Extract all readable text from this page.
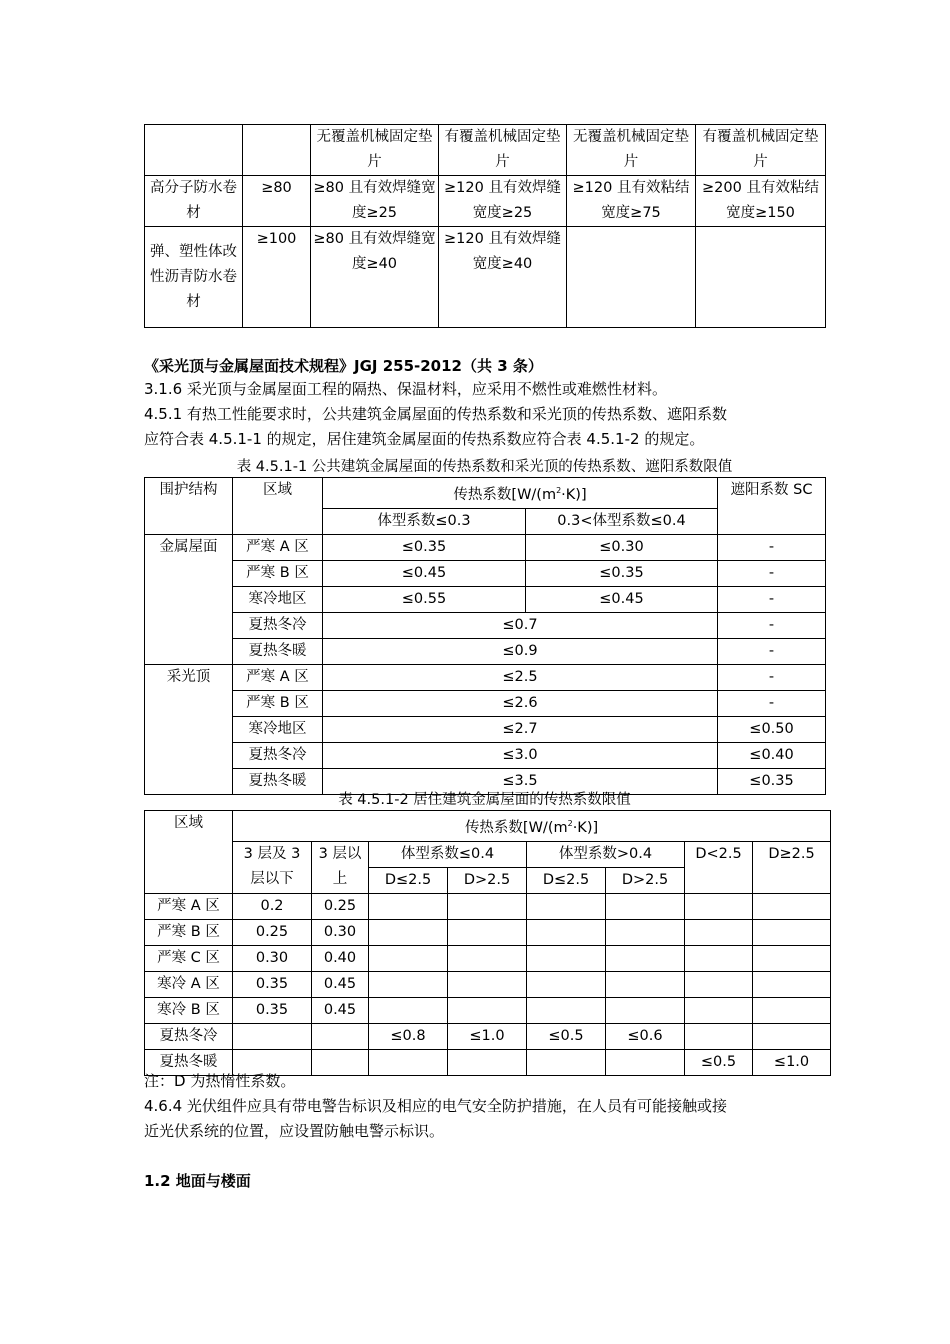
		无覆盖机械固定垫片	有覆盖机械固定垫片	无覆盖机械固定垫片	有覆盖机械固定垫片
高分子防水卷材	≥80	≥80 且有效焊缝宽度≥25	≥120 且有效焊缝宽度≥25	≥120 且有效粘结宽度≥75	≥200 且有效粘结宽度≥150
弹、塑性体改性沥青防水卷材	≥100	≥80 且有效焊缝宽度≥40	≥120 且有效焊缝宽度≥40		
《采光顶与金属屋面技术规程》JGJ 255-2012（共 3 条）
3.1.6 采光顶与金属屋面工程的隔热、保温材料，应采用不燃性或难燃性材料。
4.5.1 有热工性能要求时，公共建筑金属屋面的传热系数和采光顶的传热系数、遮阳系数
应符合表 4.5.1-1 的规定，居住建筑金属屋面的传热系数应符合表 4.5.1-2 的规定。
表 4.5.1-1 公共建筑金属屋面的传热系数和采光顶的传热系数、遮阳系数限值
围护结构	区域	传热系数$[W/(m^2\cdot K)]$		遮阳系数 SC
		体型系数≤0.3	0.3<体型系数≤0.4	
金属屋面	严寒 A 区	≤0.35	≤0.30	-
	严寒 B 区	≤0.45	≤0.35	-
	寒冷地区	≤0.55	≤0.45	-
	夏热冬冷	≤0.7		-
	夏热冬暖	≤0.9		-
采光顶	严寒 A 区	≤2.5		-
	严寒 B 区	≤2.6		-
	寒冷地区	≤2.7		≤0.50
	夏热冬冷	≤3.0		≤0.40
	夏热冬暖	≤3.5		≤0.35
表 4.5.1-2 居住建筑金属屋面的传热系数限值
区域	传热系数$[W/(m^2\cdot K)]$							
	3 层及 3 层以下	3 层以上	体型系数≤0.4		体型系数>0.4		D<2.5	D≥2.5
			D≤2.5	D>2.5	D≤2.5	D>2.5		
严寒 A 区	0.2	0.25						
严寒 B 区	0.25	0.30						
严寒 C 区	0.30	0.40						
寒冷 A 区	0.35	0.45						
寒冷 B 区	0.35	0.45						
夏热冬冷			≤0.8	≤1.0	≤0.5	≤0.6		
夏热冬暖							≤0.5	≤1.0
注：D 为热惰性系数。
4.6.4 光伏组件应具有带电警告标识及相应的电气安全防护措施，在人员有可能接触或接
近光伏系统的位置，应设置防触电警示标识。
1.2 地面与楼面
